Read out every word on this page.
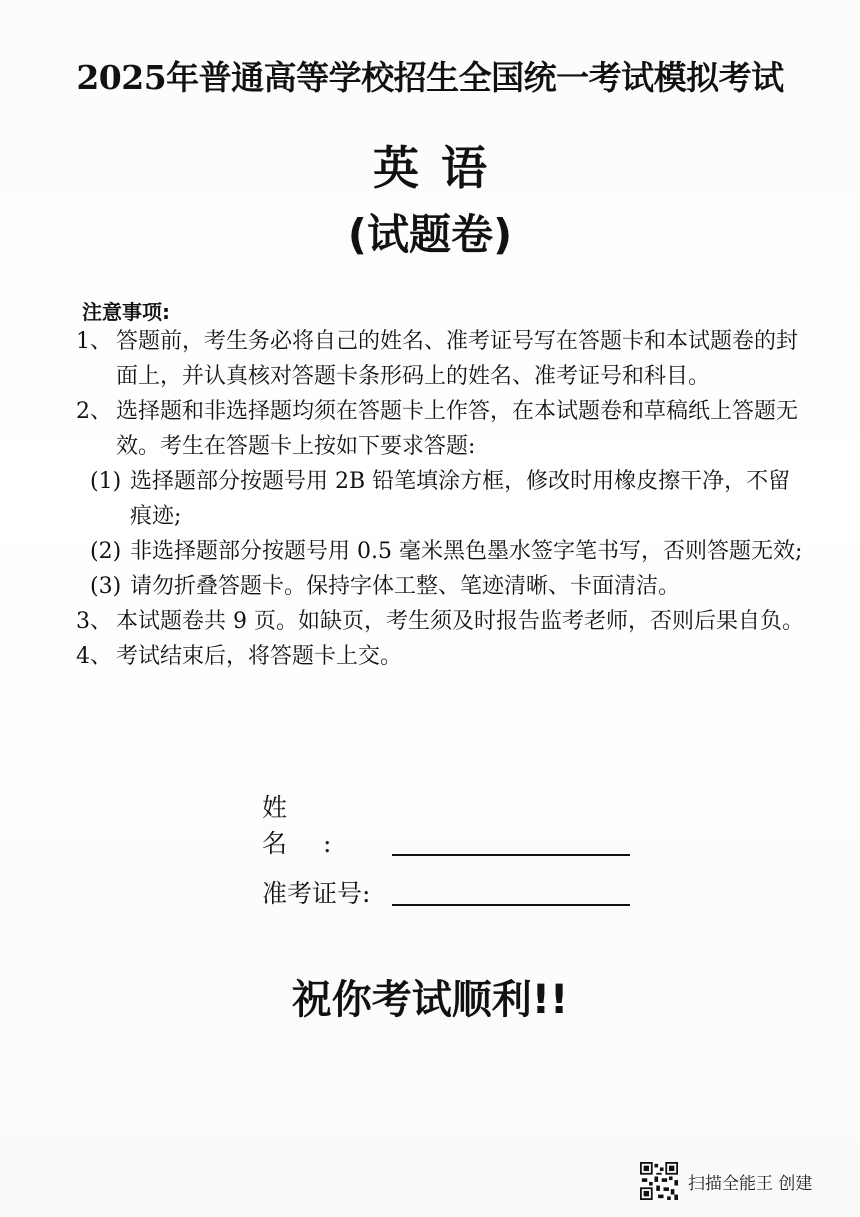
2025年普通高等学校招生全国统一考试模拟考试
英语
(试题卷)
注意事项:
1、 答题前，考生务必将自己的姓名、准考证号写在答题卡和本试题卷的封面上，并认真核对答题卡条形码上的姓名、准考证号和科目。
2、 选择题和非选择题均须在答题卡上作答，在本试题卷和草稿纸上答题无效。考生在答题卡上按如下要求答题:
(1) 选择题部分按题号用 2B 铅笔填涂方框，修改时用橡皮擦干净，不留痕迹;
(2) 非选择题部分按题号用 0.5 毫米黑色墨水签字笔书写，否则答题无效;
(3) 请勿折叠答题卡。保持字体工整、笔迹清晰、卡面清洁。
3、 本试题卷共 9 页。如缺页，考生须及时报告监考老师，否则后果自负。
4、 考试结束后，将答题卡上交。
姓名:
准考证号:
祝你考试顺利!!
扫描全能王 创建
